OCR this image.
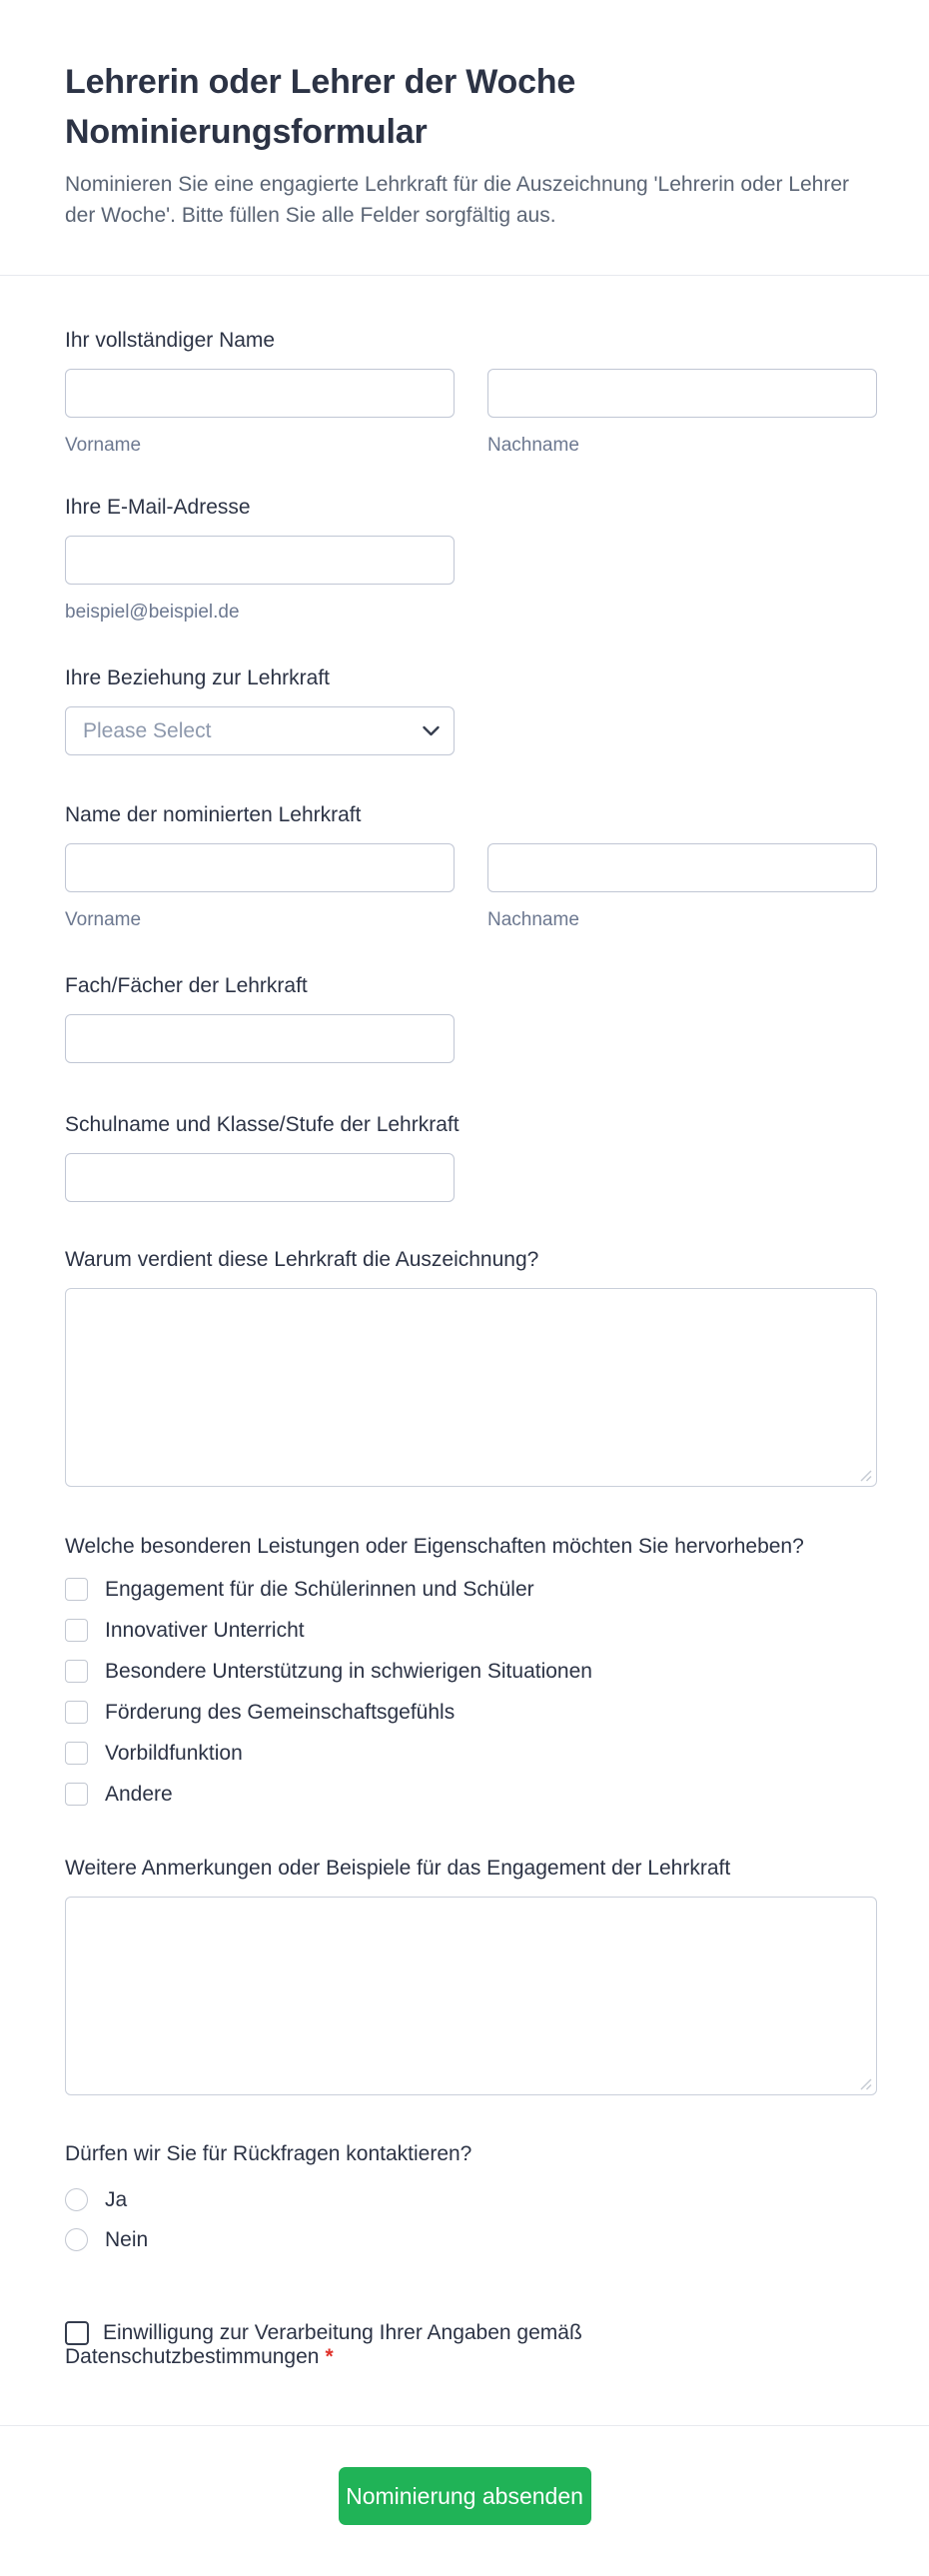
Lehrerin oder Lehrer der Woche
Nominierungsformular

Nominieren Sie eine engagierte Lehrkraft für die Auszeichnung 'Lehrerin oder Lehrer der Woche'. Bitte füllen Sie alle Felder sorgfältig aus.

Ihr vollständiger Name
Vorname	Nachname
Ihre E-Mail-Adresse
beispiel@beispiel.de
Ihre Beziehung zur Lehrkraft
Please Select
Name der nominierten Lehrkraft
Vorname	Nachname
Fach/Fächer der Lehrkraft
Schulname und Klasse/Stufe der Lehrkraft
Warum verdient diese Lehrkraft die Auszeichnung?
Welche besonderen Leistungen oder Eigenschaften möchten Sie hervorheben?
Engagement für die Schülerinnen und Schüler
Innovativer Unterricht
Besondere Unterstützung in schwierigen Situationen
Förderung des Gemeinschaftsgefühls
Vorbildfunktion
Andere
Weitere Anmerkungen oder Beispiele für das Engagement der Lehrkraft
Dürfen wir Sie für Rückfragen kontaktieren?
Ja
Nein
Einwilligung zur Verarbeitung Ihrer Angaben gemäß Datenschutzbestimmungen *
Nominierung absenden
